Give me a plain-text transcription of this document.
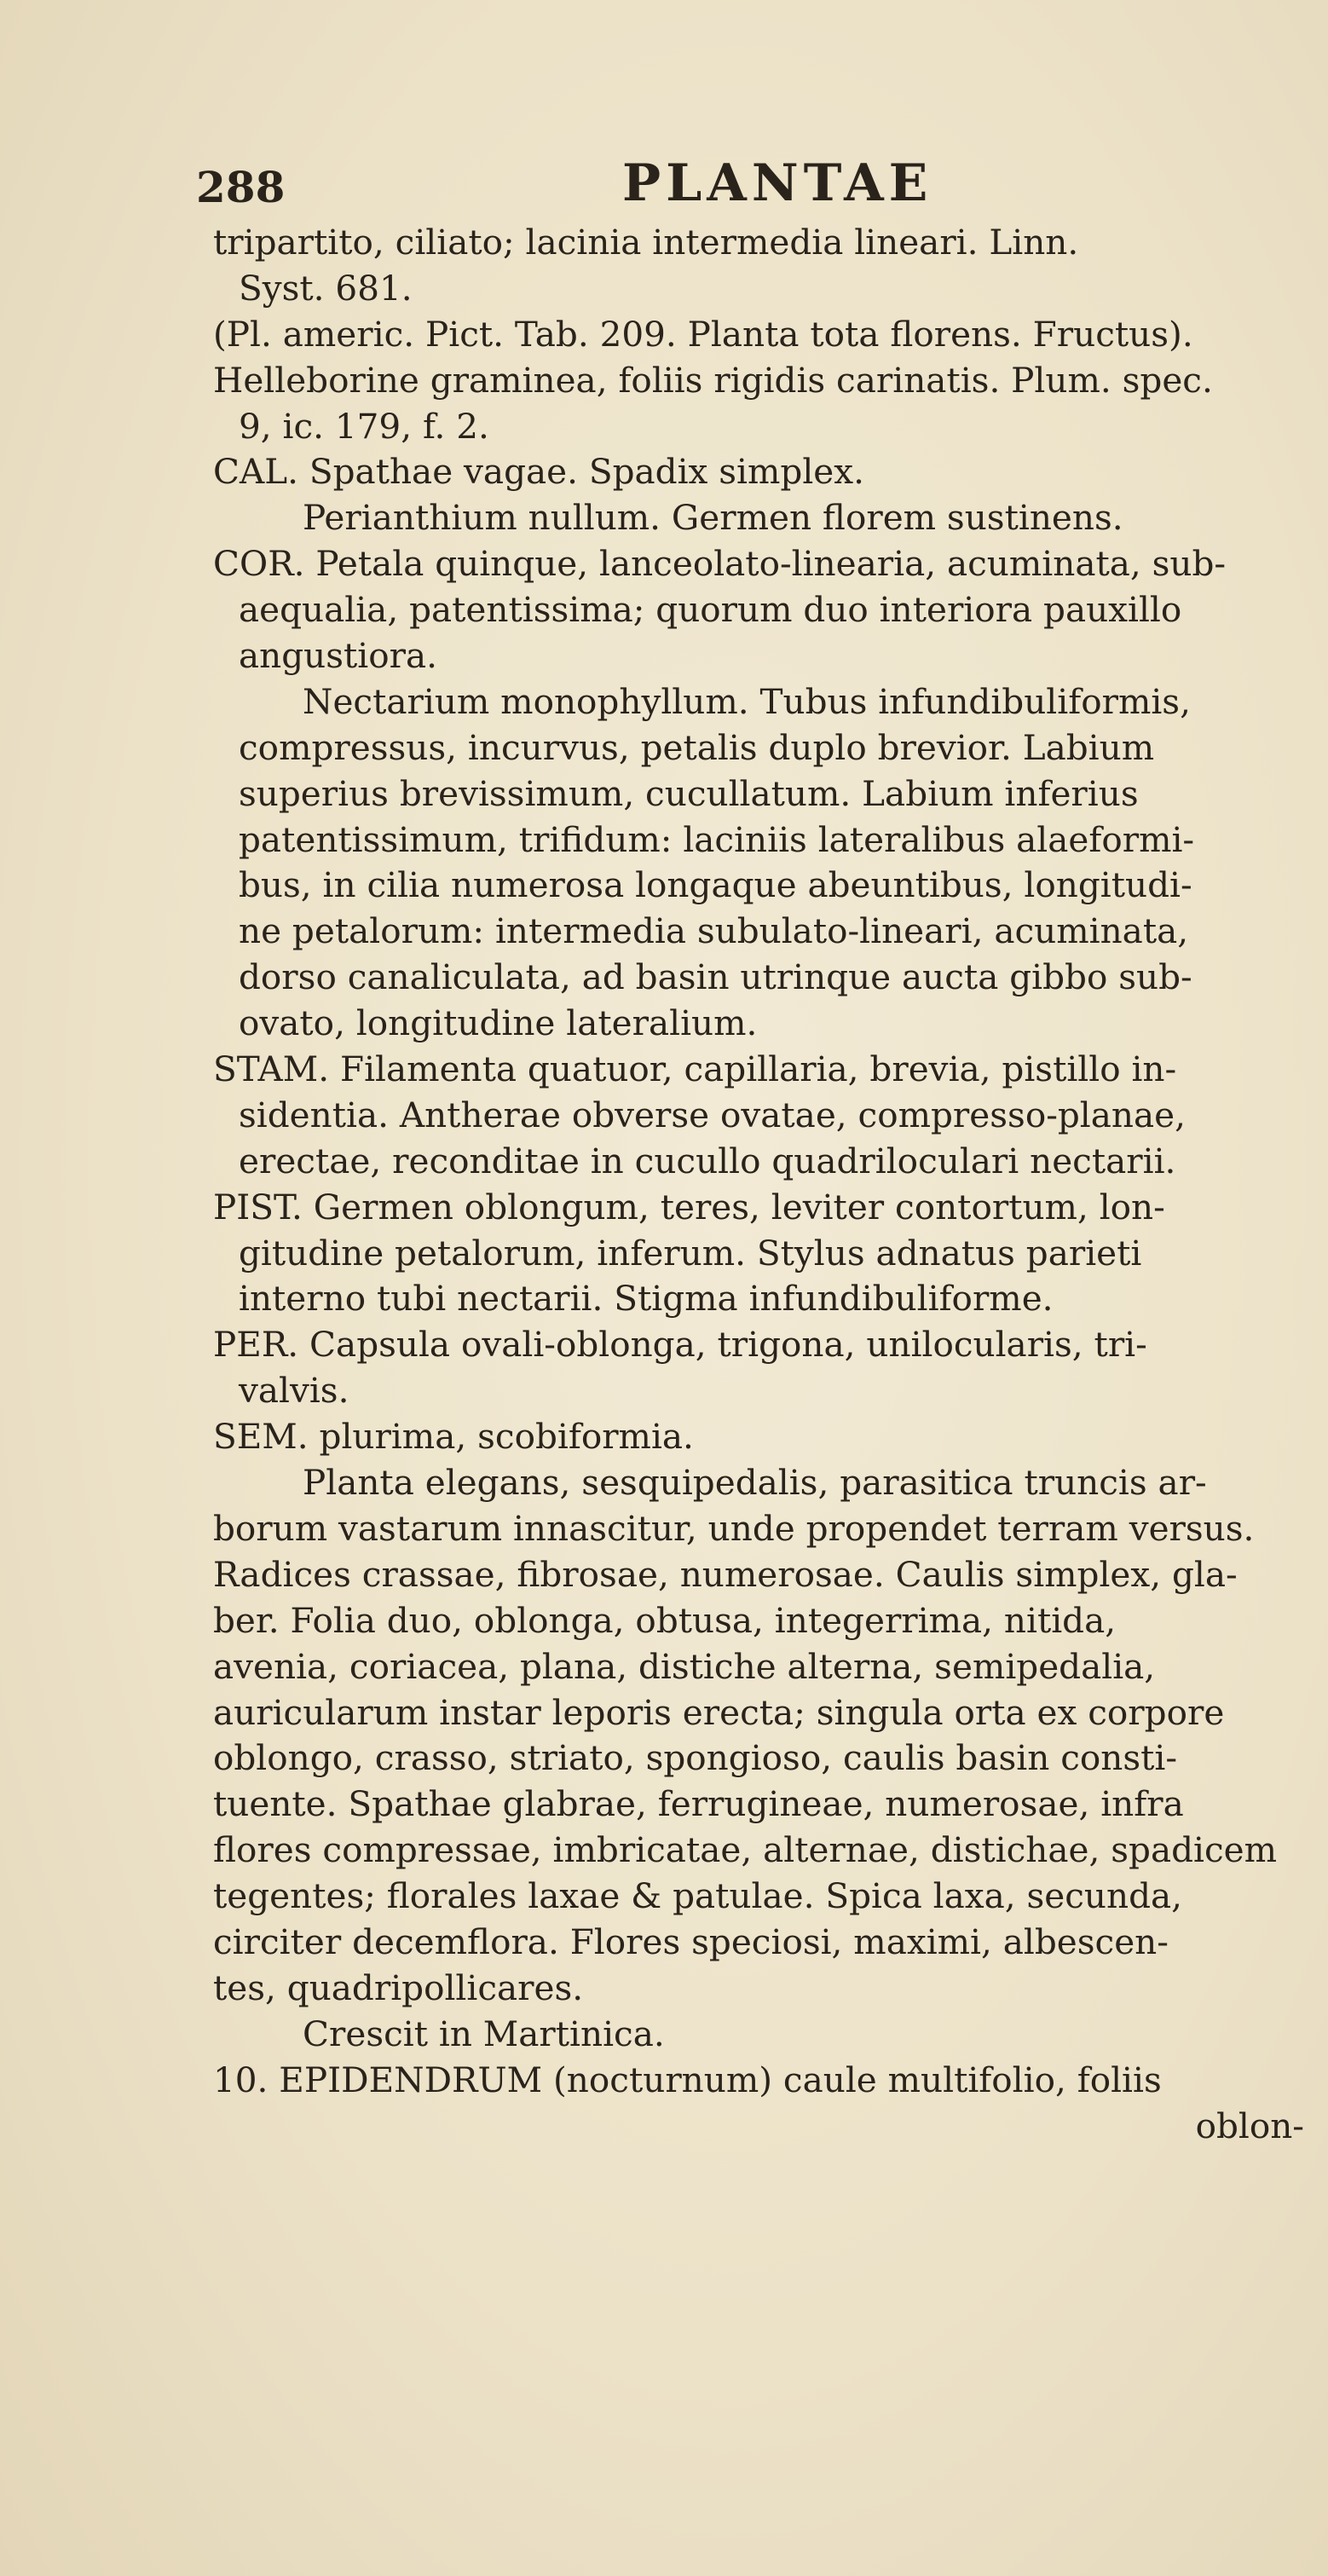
288	PLANTAE
tripartito, ciliato; lacinia intermedia lineari. Linn.
Syst. 681.
(Pl. americ. Pict. Tab. 209. Planta tota florens. Fructus).
Helleborine graminea, foliis rigidis carinatis. Plum. spec.
9, ic. 179, f. 2.
CAL. Spathae vagae. Spadix simplex.
Perianthium nullum. Germen florem sustinens.
COR. Petala quinque, lanceolato-linearia, acuminata, sub-
aequalia, patentissima; quorum duo interiora pauxillo
angustiora.
Nectarium monophyllum. Tubus infundibuliformis,
compressus, incurvus, petalis duplo brevior. Labium
superius brevissimum, cucullatum. Labium inferius
patentissimum, trifidum: laciniis lateralibus alaeformi-
bus, in cilia numerosa longaque abeuntibus, longitudi-
ne petalorum: intermedia subulato-lineari, acuminata,
dorso canaliculata, ad basin utrinque aucta gibbo sub-
ovato, longitudine lateralium.
STAM. Filamenta quatuor, capillaria, brevia, pistillo in-
sidentia. Antherae obverse ovatae, compresso-planae,
erectae, reconditae in cucullo quadriloculari nectarii.
PIST. Germen oblongum, teres, leviter contortum, lon-
gitudine petalorum, inferum. Stylus adnatus parieti
interno tubi nectarii. Stigma infundibuliforme.
PER. Capsula ovali-oblonga, trigona, unilocularis, tri-
valvis.
SEM. plurima, scobiformia.
Planta elegans, sesquipedalis, parasitica truncis ar-
borum vastarum innascitur, unde propendet terram versus.
Radices crassae, fibrosae, numerosae. Caulis simplex, gla-
ber. Folia duo, oblonga, obtusa, integerrima, nitida,
avenia, coriacea, plana, distiche alterna, semipedalia,
auricularum instar leporis erecta; singula orta ex corpore
oblongo, crasso, striato, spongioso, caulis basin consti-
tuente. Spathae glabrae, ferrugineae, numerosae, infra
flores compressae, imbricatae, alternae, distichae, spadicem
tegentes; florales laxae & patulae. Spica laxa, secunda,
circiter decemflora. Flores speciosi, maximi, albescen-
tes, quadripollicares.
Crescit in Martinica.
10. EPIDENDRUM (nocturnum) caule multifolio, foliis
oblon-
